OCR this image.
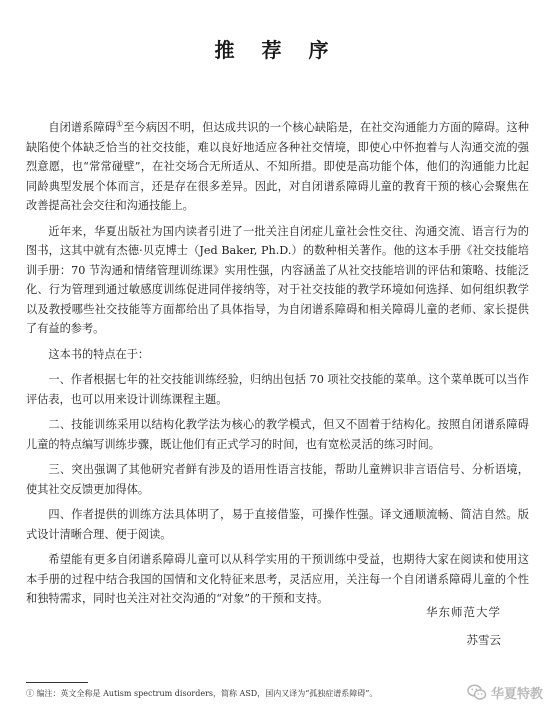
推 荐 序

自闭谱系障碍①至今病因不明，但达成共识的一个核心缺陷是，在社交沟通能力方面的障碍。这种缺陷使个体缺乏恰当的社交技能，难以良好地适应各种社交情境，即使心中怀抱着与人沟通交流的强烈意愿，也“常常碰壁”，在社交场合无所适从、不知所措。即使是高功能个体，他们的沟通能力比起同龄典型发展个体而言，还是存在很多差异。因此，对自闭谱系障碍儿童的教育干预的核心会聚焦在改善提高社会交往和沟通技能上。

近年来，华夏出版社为国内读者引进了一批关注自闭症儿童社会性交往、沟通交流、语言行为的图书，这其中就有杰德·贝克博士（Jed Baker, Ph.D.）的数种相关著作。他的这本手册《社交技能培训手册：70 节沟通和情绪管理训练课》实用性强，内容涵盖了从社交技能培训的评估和策略、技能泛化、行为管理到通过敏感度训练促进同伴接纳等，对于社交技能的教学环境如何选择、如何组织教学以及教授哪些社交技能等方面都给出了具体指导，为自闭谱系障碍和相关障碍儿童的老师、家长提供了有益的参考。

这本书的特点在于：

一、作者根据七年的社交技能训练经验，归纳出包括 70 项社交技能的菜单。这个菜单既可以当作评估表，也可以用来设计训练课程主题。

二、技能训练采用以结构化教学法为核心的教学模式，但又不固着于结构化。按照自闭谱系障碍儿童的特点编写训练步骤，既让他们有正式学习的时间，也有宽松灵活的练习时间。

三、突出强调了其他研究者鲜有涉及的语用性语言技能，帮助儿童辨识非言语信号、分析语境，使其社交反馈更加得体。

四、作者提供的训练方法具体明了，易于直接借鉴，可操作性强。译文通顺流畅、简洁自然。版式设计清晰合理、便于阅读。

希望能有更多自闭谱系障碍儿童可以从科学实用的干预训练中受益，也期待大家在阅读和使用这本手册的过程中结合我国的国情和文化特征来思考，灵活应用，关注每一个自闭谱系障碍儿童的个性和独特需求，同时也关注对社交沟通的“对象”的干预和支持。

华东师范大学
苏雪云
① 编注：英文全称是 Autism spectrum disorders，简称 ASD，国内又译为“孤独症谱系障碍”。	华夏特教
